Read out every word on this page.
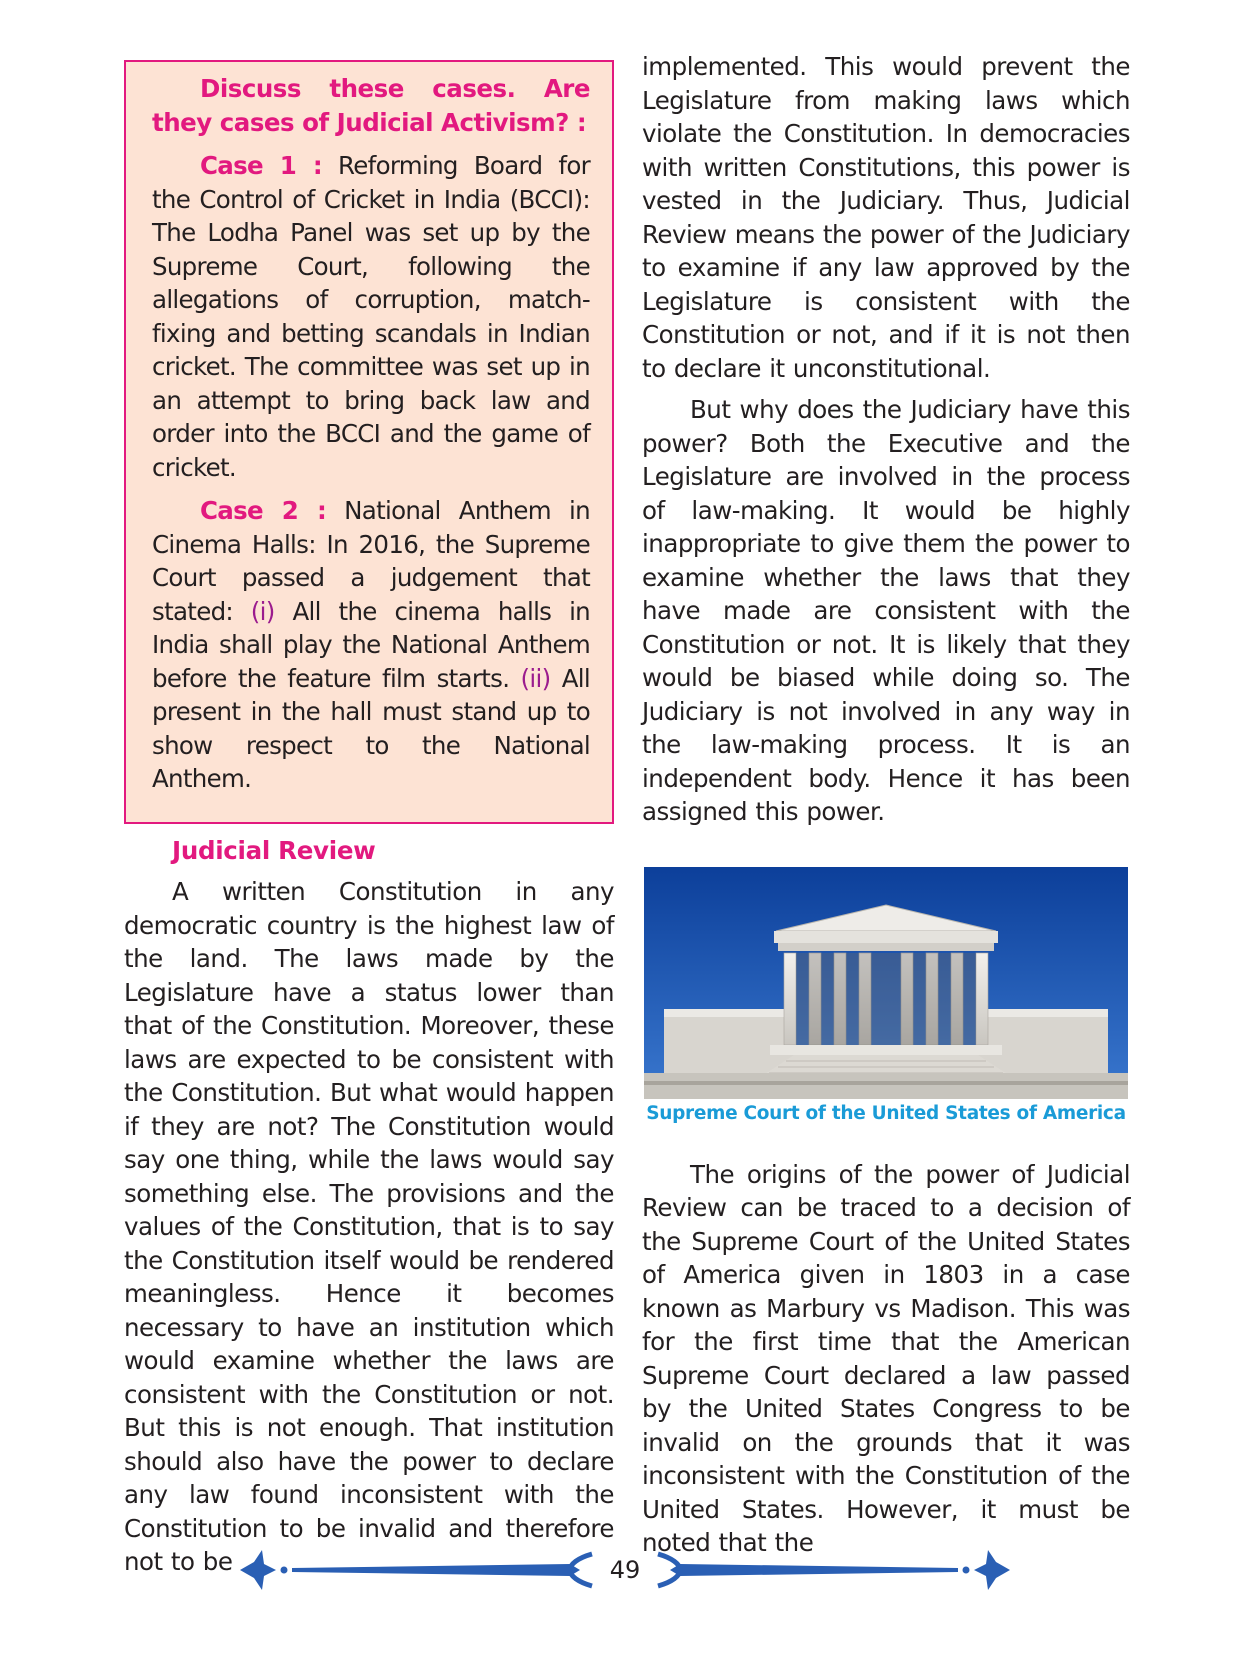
Discuss these cases. Are they cases of Judicial Activism? :

Case 1 : Reforming Board for the Control of Cricket in India (BCCI): The Lodha Panel was set up by the Supreme Court, following the allegations of corruption, match-fixing and betting scandals in Indian cricket. The committee was set up in an attempt to bring back law and order into the BCCI and the game of cricket.

Case 2 : National Anthem in Cinema Halls: In 2016, the Supreme Court passed a judgement that stated: (i) All the cinema halls in India shall play the National Anthem before the feature film starts. (ii) All present in the hall must stand up to show respect to the National Anthem.

Judicial Review

A written Constitution in any democratic country is the highest law of the land. The laws made by the Legislature have a status lower than that of the Constitution. Moreover, these laws are expected to be consistent with the Constitution. But what would happen if they are not? The Constitution would say one thing, while the laws would say something else. The provisions and the values of the Constitution, that is to say the Constitution itself would be rendered meaningless. Hence it becomes necessary to have an institution which would examine whether the laws are consistent with the Constitution or not. But this is not enough. That institution should also have the power to declare any law found inconsistent with the Constitution to be invalid and therefore not to be

implemented. This would prevent the Legislature from making laws which violate the Constitution. In democracies with written Constitutions, this power is vested in the Judiciary. Thus, Judicial Review means the power of the Judiciary to examine if any law approved by the Legislature is consistent with the Constitution or not, and if it is not then to declare it unconstitutional.

But why does the Judiciary have this power? Both the Executive and the Legislature are involved in the process of law-making. It would be highly inappropriate to give them the power to examine whether the laws that they have made are consistent with the Constitution or not. It is likely that they would be biased while doing so. The Judiciary is not involved in any way in the law-making process. It is an independent body. Hence it has been assigned this power.

Supreme Court of the United States of America

The origins of the power of Judicial Review can be traced to a decision of the Supreme Court of the United States of America given in 1803 in a case known as Marbury vs Madison. This was for the first time that the American Supreme Court declared a law passed by the United States Congress to be invalid on the grounds that it was inconsistent with the Constitution of the United States. However, it must be noted that the

49
